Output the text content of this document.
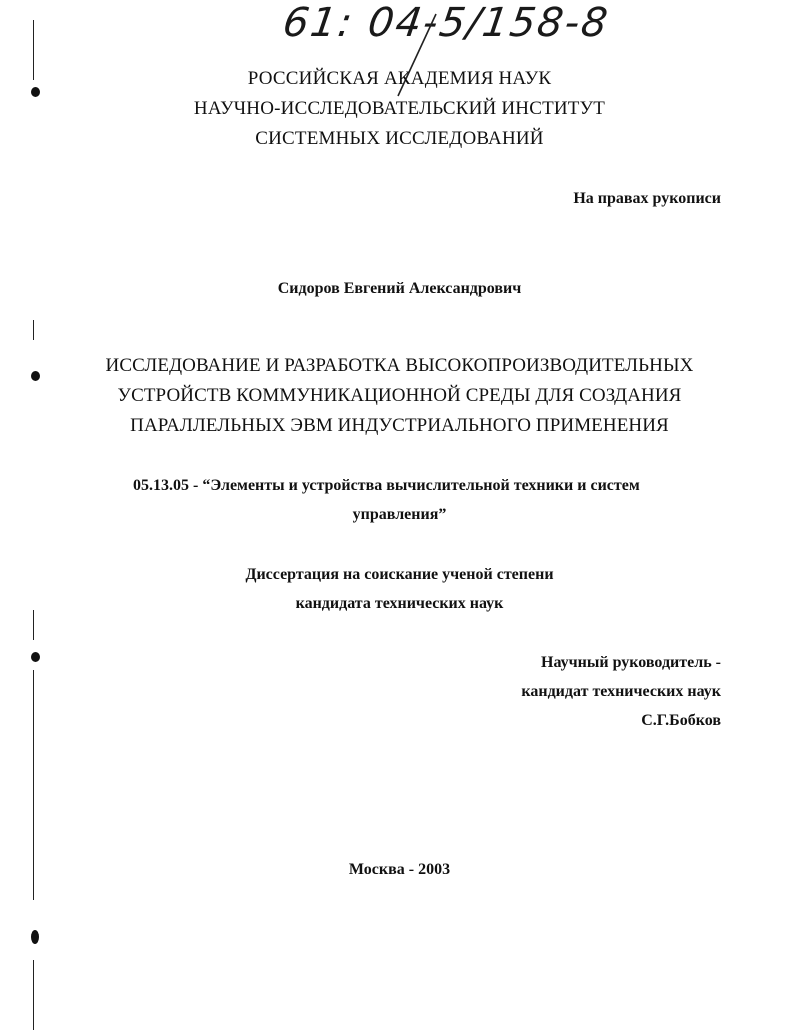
61: 04-5/158-8
РОССИЙСКАЯ АКАДЕМИЯ НАУК
НАУЧНО-ИССЛЕДОВАТЕЛЬСКИЙ ИНСТИТУТ
СИСТЕМНЫХ ИССЛЕДОВАНИЙ
На правах рукописи
Сидоров Евгений Александрович
ИССЛЕДОВАНИЕ И РАЗРАБОТКА ВЫСОКОПРОИЗВОДИТЕЛЬНЫХ
УСТРОЙСТВ КОММУНИКАЦИОННОЙ СРЕДЫ ДЛЯ СОЗДАНИЯ
ПАРАЛЛЕЛЬНЫХ ЭВМ ИНДУСТРИАЛЬНОГО ПРИМЕНЕНИЯ
05.13.05 - “Элементы и устройства вычислительной техники и систем
управления”
Диссертация на соискание ученой степени
кандидата технических наук
Научный руководитель -
кандидат технических наук
С.Г.Бобков
Москва - 2003
